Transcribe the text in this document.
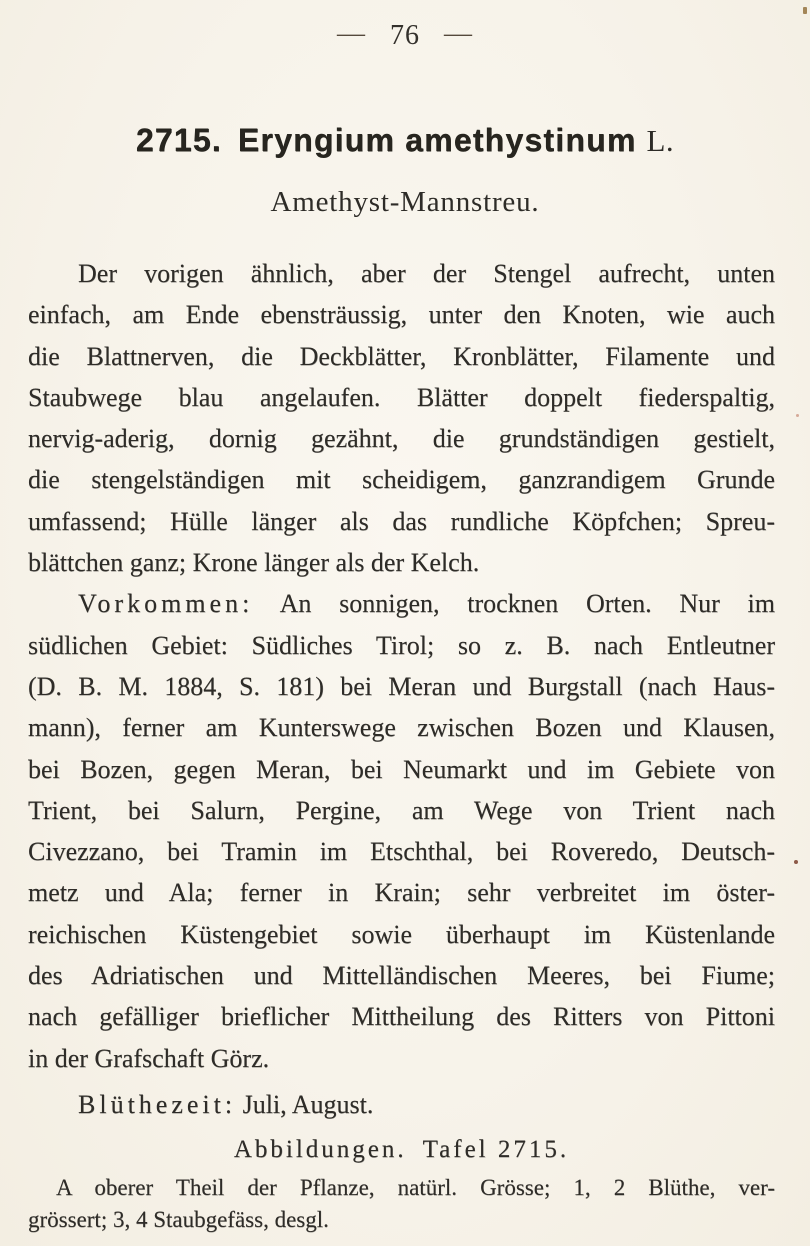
— 76 —
2715. Eryngium amethystinum L.
Amethyst-Mannstreu.
Der vorigen ähnlich, aber der Stengel aufrecht, unten
einfach, am Ende ebensträussig, unter den Knoten, wie auch
die Blattnerven, die Deckblätter, Kronblätter, Filamente und
Staubwege blau angelaufen. Blätter doppelt fiederspaltig,
nervig-aderig, dornig gezähnt, die grundständigen gestielt,
die stengelständigen mit scheidigem, ganzrandigem Grunde
umfassend; Hülle länger als das rundliche Köpfchen; Spreu-
blättchen ganz; Krone länger als der Kelch.
Vorkommen: An sonnigen, trocknen Orten. Nur im
südlichen Gebiet: Südliches Tirol; so z. B. nach Entleutner
(D. B. M. 1884, S. 181) bei Meran und Burgstall (nach Haus-
mann), ferner am Kunterswege zwischen Bozen und Klausen,
bei Bozen, gegen Meran, bei Neumarkt und im Gebiete von
Trient, bei Salurn, Pergine, am Wege von Trient nach
Civezzano, bei Tramin im Etschthal, bei Roveredo, Deutsch-
metz und Ala; ferner in Krain; sehr verbreitet im öster-
reichischen Küstengebiet sowie überhaupt im Küstenlande
des Adriatischen und Mittelländischen Meeres, bei Fiume;
nach gefälliger brieflicher Mittheilung des Ritters von Pittoni
in der Grafschaft Görz.
Blüthezeit: Juli, August.
Abbildungen. Tafel 2715.
A oberer Theil der Pflanze, natürl. Grösse; 1, 2 Blüthe, ver-
grössert; 3, 4 Staubgefäss, desgl.
